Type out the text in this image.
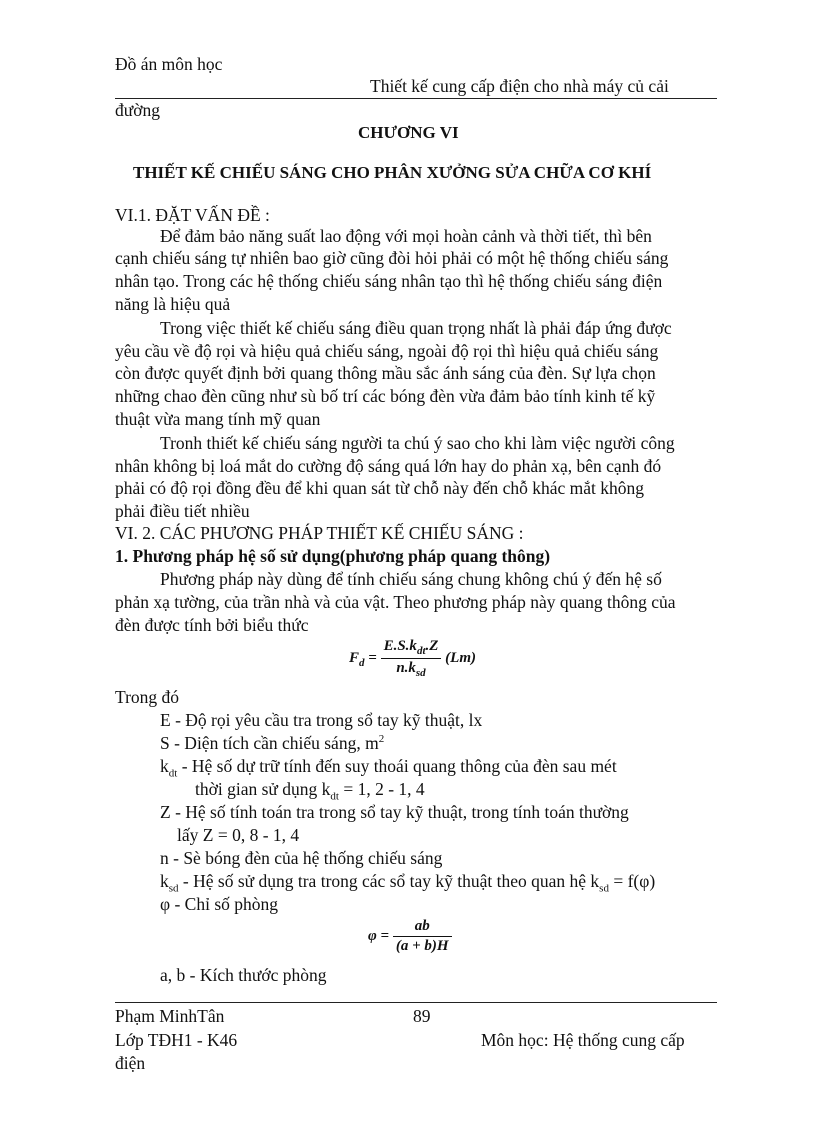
Đồ án môn học
Thiết kế cung cấp điện cho nhà máy củ cải
đường
CHƯƠNG VI
THIẾT KẾ CHIẾU SÁNG CHO PHÂN XƯỞNG SỬA CHỮA CƠ KHÍ
VI.1. ĐẶT VẤN ĐỀ :
Để đảm bảo năng suất lao động với mọi hoàn cảnh và thời tiết, thì bên
cạnh chiếu sáng tự nhiên bao giờ cũng đòi hỏi phải có một hệ thống chiếu sáng
nhân tạo. Trong các hệ thống chiếu sáng nhân tạo thì hệ thống chiếu sáng điện
năng là hiệu quả
Trong việc thiết kế chiếu sáng điều quan trọng nhất là phải đáp ứng được
yêu cầu về độ rọi và hiệu quả chiếu sáng, ngoài độ rọi thì hiệu quả chiếu sáng
còn được quyết định bởi quang thông mầu sắc ánh sáng của đèn. Sự lựa chọn
những chao đèn cũng như sù bố trí các bóng đèn vừa đảm bảo tính kinh tế kỹ
thuật vừa mang tính mỹ quan
Tronh thiết kế chiếu sáng người ta chú ý sao cho khi làm việc người công
nhân không bị loá mắt do cường độ sáng quá lớn hay do phản xạ, bên cạnh đó
phải có độ rọi đồng đều để khi quan sát từ chỗ này đến chỗ khác mắt không
phải điều tiết nhiều
VI. 2. CÁC PHƯƠNG PHÁP THIẾT KẾ CHIẾU SÁNG :
1. Phương pháp hệ số sử dụng(phương pháp quang thông)
Phương pháp này dùng để tính chiếu sáng chung không chú ý đến hệ số
phản xạ tường, của trần nhà và của vật. Theo phương pháp này quang thông của
đèn được tính bởi biểu thức
$F_d = \frac{E.S.k_{dt}.Z}{n.k_{sd}} (Lm)$
Trong đó
E - Độ rọi yêu cầu tra trong sổ tay kỹ thuật, lx
S - Diện tích cần chiếu sáng, $m^2$
$k_{dt}$ - Hệ số dự trữ tính đến suy thoái quang thông của đèn sau mét
thời gian sử dụng $k_{dt} = 1$, 2 - 1, 4
Z - Hệ số tính toán tra trong sổ tay kỹ thuật, trong tính toán thường
lấy Z = 0, 8 - 1, 4
n - Sè bóng đèn của hệ thống chiếu sáng
$k_{sd}$ - Hệ số sử dụng tra trong các sổ tay kỹ thuật theo quan hệ $k_{sd} = f(\varphi)$
φ - Chỉ số phòng
$\varphi = \frac{ab}{(a + b)H}$
a, b - Kích thước phòng
Phạm MinhTân	89
Lớp TĐH1 - K46	Môn học: Hệ thống cung cấp
điện
